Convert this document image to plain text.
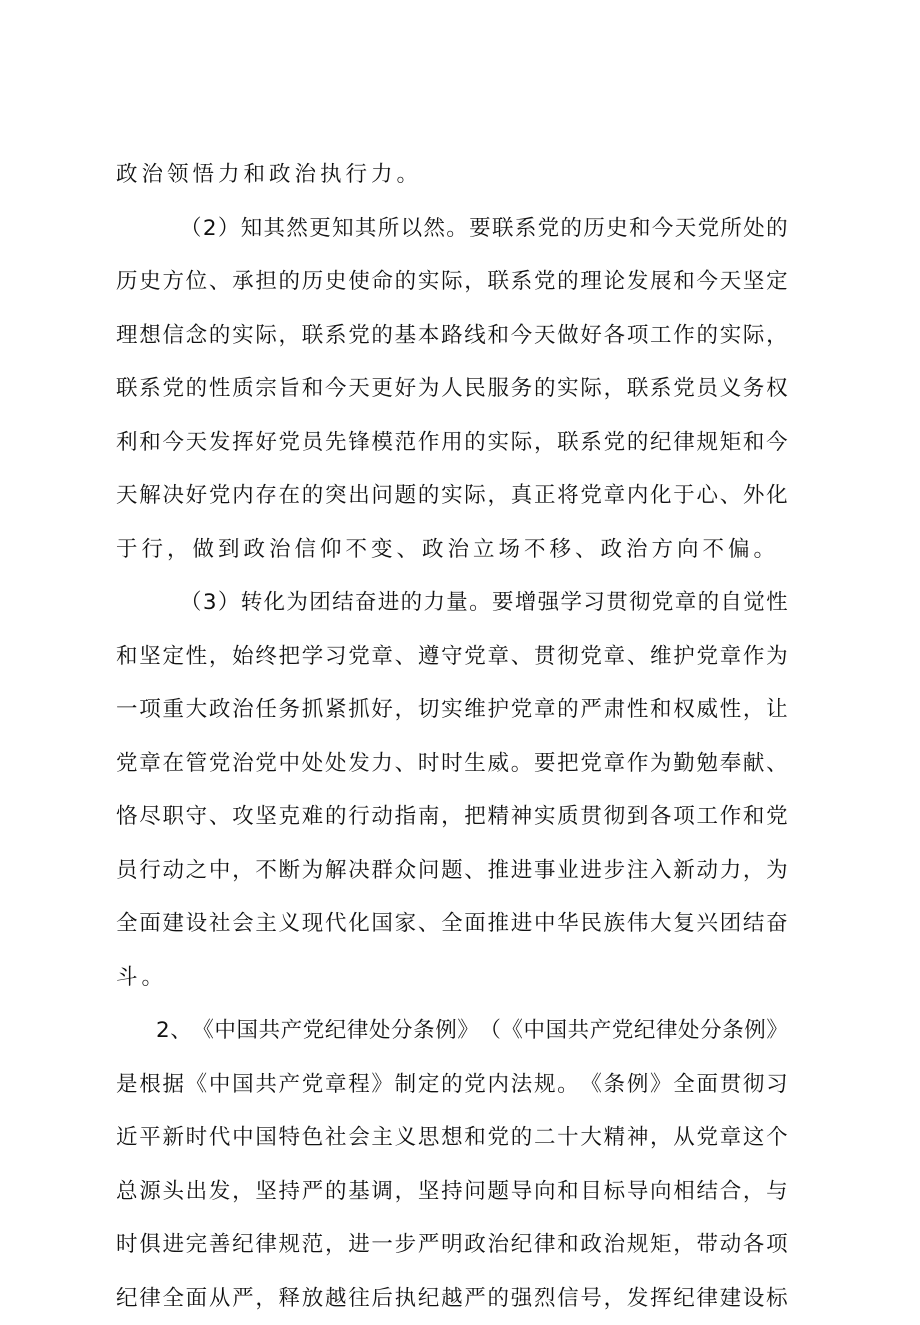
政治领悟力和政治执行力。
（ 2 ） 知 其 然 更 知 其 所 以 然 。 要 联 系 党 的 历 史 和 今 天 党 所 处 的
历 史 方 位 、 承 担 的 历 史 使 命 的 实 际 ， 联 系 党 的 理 论 发 展 和 今 天 坚 定
理 想 信 念 的 实 际 ， 联 系 党 的 基 本 路 线 和 今 天 做 好 各 项 工 作 的 实 际 ，
联 系 党 的 性 质 宗 旨 和 今 天 更 好 为 人 民 服 务 的 实 际 ， 联 系 党 员 义 务 权
利 和 今 天 发 挥 好 党 员 先 锋 模 范 作 用 的 实 际 ， 联 系 党 的 纪 律 规 矩 和 今
天 解 决 好 党 内 存 在 的 突 出 问 题 的 实 际 ， 真 正 将 党 章 内 化 于 心 、 外 化
于行，做到政治信仰不变、政治立场不移、政治方向不偏。
（ 3 ） 转 化 为 团 结 奋 进 的 力 量 。 要 增 强 学 习 贯 彻 党 章 的 自 觉 性
和 坚 定 性 ， 始 终 把 学 习 党 章 、 遵 守 党 章 、 贯 彻 党 章 、 维 护 党 章 作 为
一 项 重 大 政 治 任 务 抓 紧 抓 好 ， 切 实 维 护 党 章 的 严 肃 性 和 权 威 性 ， 让
党 章 在 管 党 治 党 中 处 处 发 力 、 时 时 生 威 。 要 把 党 章 作 为 勤 勉 奉 献 、
恪 尽 职 守 、 攻 坚 克 难 的 行 动 指 南 ， 把 精 神 实 质 贯 彻 到 各 项 工 作 和 党
员 行 动 之 中 ， 不 断 为 解 决 群 众 问 题 、 推 进 事 业 进 步 注 入 新 动 力 ， 为
全 面 建 设 社 会 主 义 现 代 化 国 家 、 全 面 推 进 中 华 民 族 伟 大 复 兴 团 结 奋
斗。
2 、 《 中 国 共 产 党 纪 律 处 分 条 例 》 （ 《 中 国 共 产 党 纪 律 处 分 条 例 》
是 根 据 《 中 国 共 产 党 章 程 》 制 定 的 党 内 法 规 。 《 条 例 》 全 面 贯 彻 习
近 平 新 时 代 中 国 特 色 社 会 主 义 思 想 和 党 的 二 十 大 精 神 ， 从 党 章 这 个
总 源 头 出 发 ， 坚 持 严 的 基 调 ， 坚 持 问 题 导 向 和 目 标 导 向 相 结 合 ， 与
时 俱 进 完 善 纪 律 规 范 ， 进 一 步 严 明 政 治 纪 律 和 政 治 规 矩 ， 带 动 各 项
纪 律 全 面 从 严 ， 释 放 越 往 后 执 纪 越 严 的 强 烈 信 号 ， 发 挥 纪 律 建 设 标
